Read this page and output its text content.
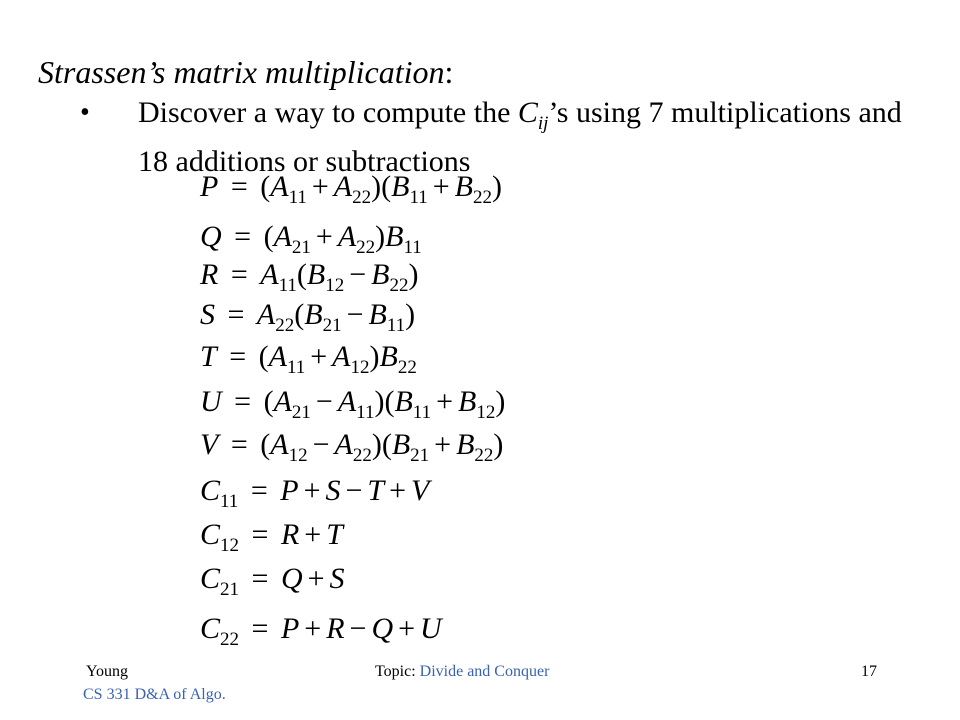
Strassen’s matrix multiplication:
• Discover a way to compute the $C_{ij}’s$ using 7 multiplications and 18 additions or subtractions
$P = (A_{11} + A_{22})(B_{11} + B_{22})$
$Q = (A_{21} + A_{22})B_{11}$
$R = A_{11}(B_{12} - B_{22})$
$S = A_{22}(B_{21} - B_{11})$
$T = (A_{11} + A_{12})B_{22}$
$U = (A_{21} - A_{11})(B_{11} + B_{12})$
$V = (A_{12} - A_{22})(B_{21} + B_{22})$
$C_{11} = P + S - T + V$
$C_{12} = R + T$
$C_{21} = Q + S$
$C_{22} = P + R - Q + U$
Young
CS 331 D&A of Algo.
Topic: Divide and Conquer	17
